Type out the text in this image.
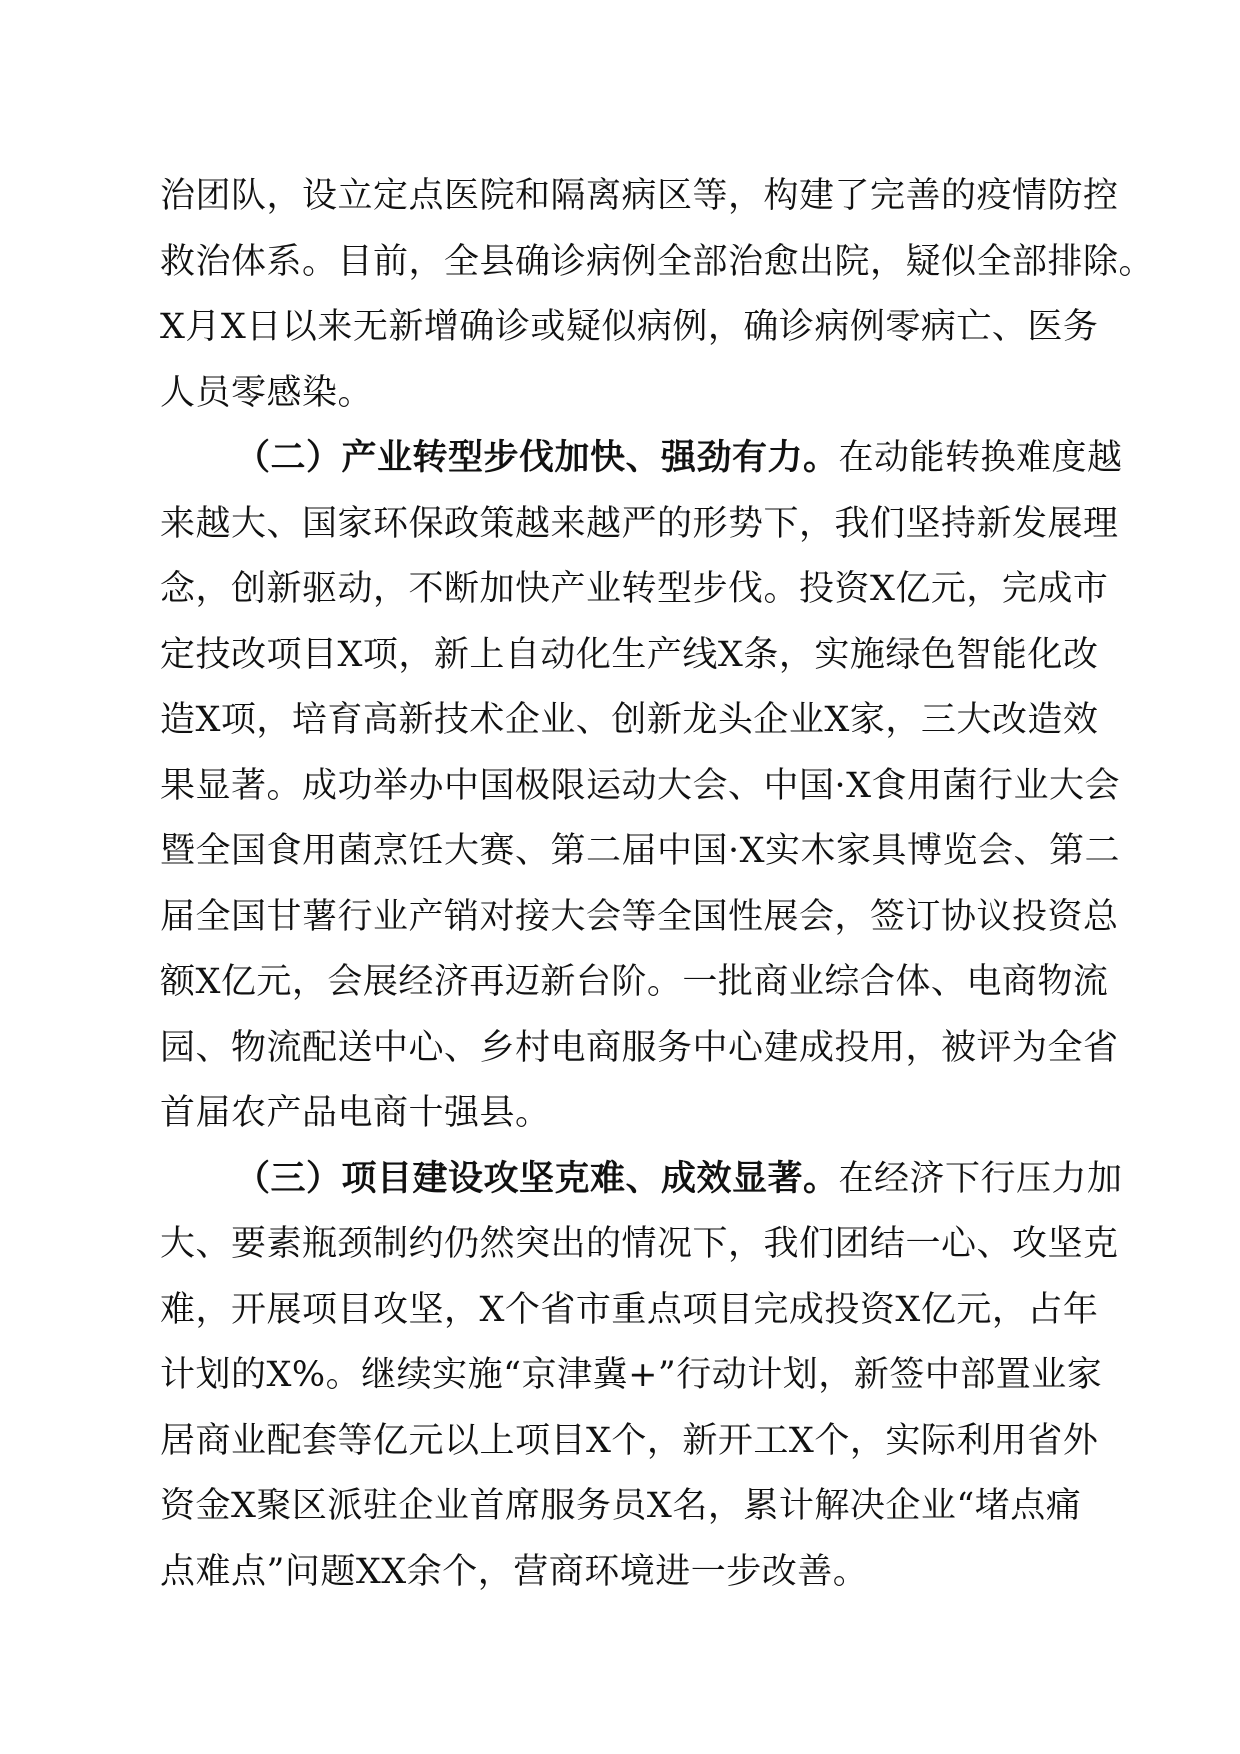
治团队，设立定点医院和隔离病区等，构建了完善的疫情防控
救治体系。目前，全县确诊病例全部治愈出院，疑似全部排除。
X月X日以来无新增确诊或疑似病例，确诊病例零病亡、医务
人员零感染。
（二）产业转型步伐加快、强劲有力。在动能转换难度越
来越大、国家环保政策越来越严的形势下，我们坚持新发展理
念，创新驱动，不断加快产业转型步伐。投资X亿元，完成市
定技改项目X项，新上自动化生产线X条，实施绿色智能化改
造X项，培育高新技术企业、创新龙头企业X家，三大改造效
果显著。成功举办中国极限运动大会、中国·X食用菌行业大会
暨全国食用菌烹饪大赛、第二届中国·X实木家具博览会、第二
届全国甘薯行业产销对接大会等全国性展会，签订协议投资总
额X亿元，会展经济再迈新台阶。一批商业综合体、电商物流
园、物流配送中心、乡村电商服务中心建成投用，被评为全省
首届农产品电商十强县。
（三）项目建设攻坚克难、成效显著。在经济下行压力加
大、要素瓶颈制约仍然突出的情况下，我们团结一心、攻坚克
难，开展项目攻坚，X个省市重点项目完成投资X亿元，占年
计划的X%。继续实施“京津冀+”行动计划，新签中部置业家
居商业配套等亿元以上项目X个，新开工X个，实际利用省外
资金X聚区派驻企业首席服务员X名，累计解决企业“堵点痛
点难点”问题XX余个，营商环境进一步改善。
